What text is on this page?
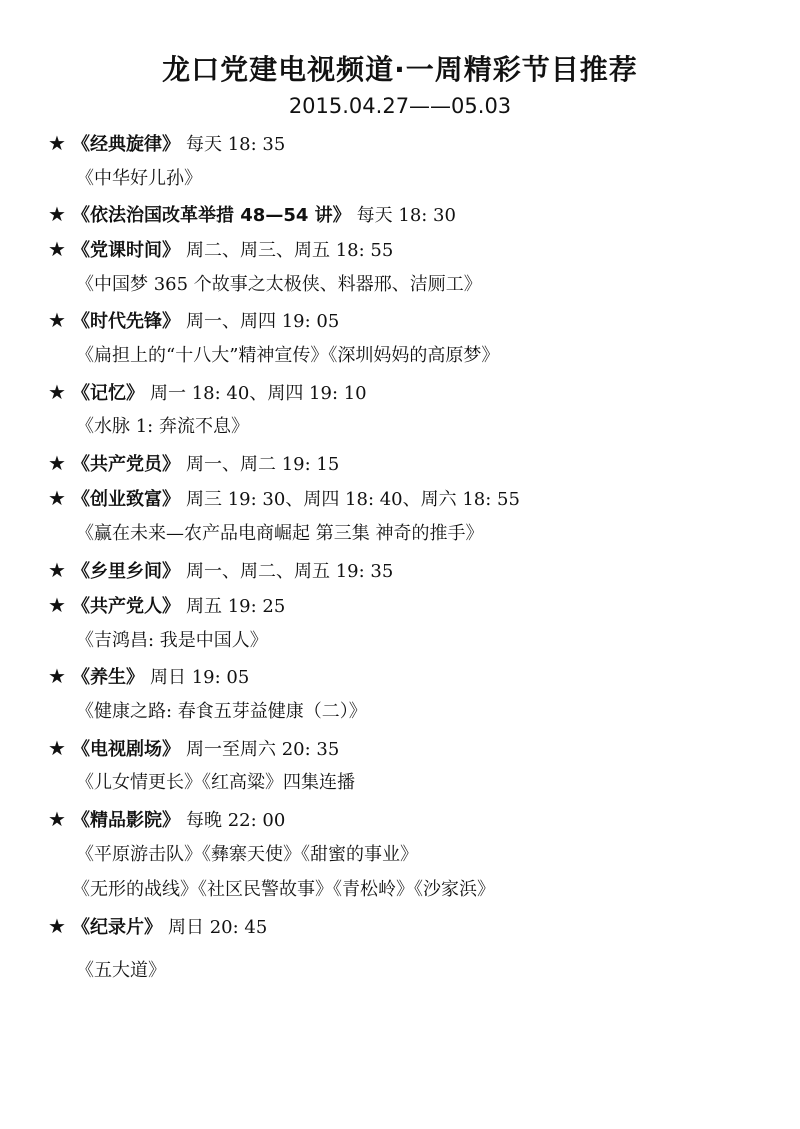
龙口党建电视频道·一周精彩节目推荐
2015.04.27——05.03
★ 《经典旋律》 每天 18: 35
《中华好儿孙》
★ 《依法治国改革举措 48—54 讲》 每天 18: 30
★ 《党课时间》 周二、周三、周五 18: 55
《中国梦 365 个故事之太极侠、料器邢、洁厕工》
★ 《时代先锋》 周一、周四 19: 05
《扁担上的“十八大”精神宣传》《深圳妈妈的高原梦》
★ 《记忆》 周一 18: 40、周四 19: 10
《水脉 1: 奔流不息》
★ 《共产党员》 周一、周二 19: 15
★ 《创业致富》 周三 19: 30、周四 18: 40、周六 18: 55
《赢在未来—农产品电商崛起 第三集 神奇的推手》
★ 《乡里乡间》 周一、周二、周五 19: 35
★ 《共产党人》 周五 19: 25
《吉鸿昌: 我是中国人》
★ 《养生》 周日 19: 05
《健康之路: 春食五芽益健康（二）》
★ 《电视剧场》 周一至周六 20: 35
《儿女情更长》《红高粱》四集连播
★ 《精品影院》 每晚 22: 00
《平原游击队》《彝寨天使》《甜蜜的事业》
《无形的战线》《社区民警故事》《青松岭》《沙家浜》
★ 《纪录片》 周日 20: 45
《五大道》
